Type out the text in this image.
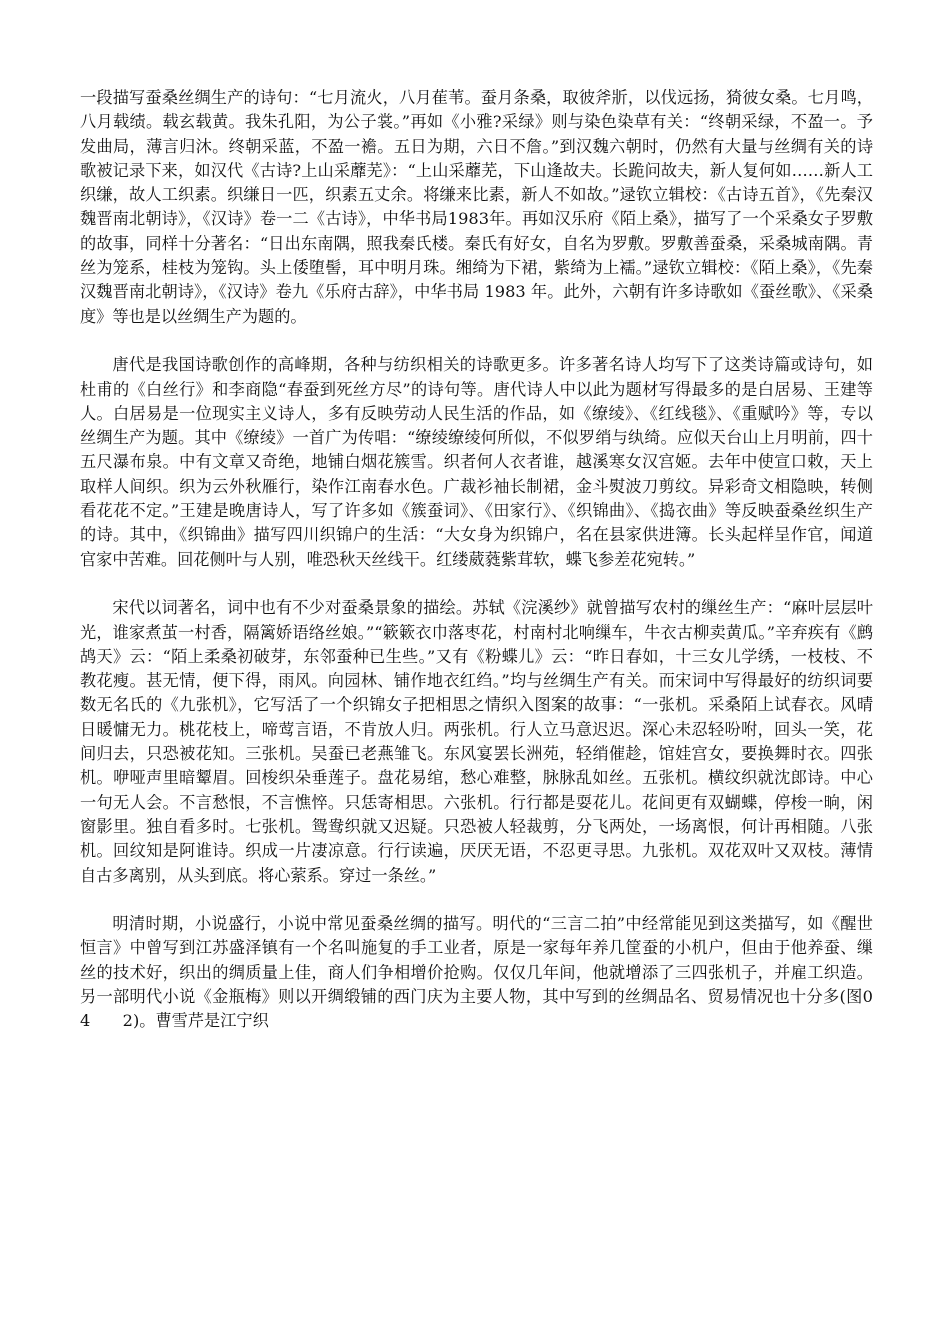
一段描写蚕桑丝绸生产的诗句：“七月流火，八月萑苇。蚕月条桑，取彼斧斨，以伐远扬，猗彼女桑。七月鸣，八月载绩。载玄载黄。我朱孔阳，为公子裳。”再如《小雅?采绿》则与染色染草有关：“终朝采绿，不盈一。予发曲局，薄言归沐。终朝采蓝，不盈一襜。五日为期，六日不詹。”到汉魏六朝时，仍然有大量与丝绸有关的诗歌被记录下来，如汉代《古诗?上山采蘼芜》：“上山采蘼芜，下山逢故夫。长跪问故夫，新人复何如……新人工织缣，故人工织素。织缣日一匹，织素五丈余。将缣来比素，新人不如故。”逯钦立辑校：《古诗五首》，《先秦汉魏晋南北朝诗》，《汉诗》卷一二《古诗》，中华书局1983年。再如汉乐府《陌上桑》，描写了一个采桑女子罗敷的故事，同样十分著名：“日出东南隅，照我秦氏楼。秦氏有好女，自名为罗敷。罗敷善蚕桑，采桑城南隅。青丝为笼系，桂枝为笼钩。头上倭堕髻，耳中明月珠。缃绮为下裙，紫绮为上襦。”逯钦立辑校：《陌上桑》，《先秦汉魏晋南北朝诗》，《汉诗》卷九《乐府古辞》，中华书局 1983 年。此外，六朝有许多诗歌如《蚕丝歌》、《采桑度》等也是以丝绸生产为题的。

唐代是我国诗歌创作的高峰期，各种与纺织相关的诗歌更多。许多著名诗人均写下了这类诗篇或诗句，如杜甫的《白丝行》和李商隐“春蚕到死丝方尽”的诗句等。唐代诗人中以此为题材写得最多的是白居易、王建等人。白居易是一位现实主义诗人，多有反映劳动人民生活的作品，如《缭绫》、《红线毯》、《重赋吟》等，专以丝绸生产为题。其中《缭绫》一首广为传唱：“缭绫缭绫何所似，不似罗绡与纨绮。应似天台山上月明前，四十五尺瀑布泉。中有文章又奇绝，地铺白烟花簇雪。织者何人衣者谁，越溪寒女汉宫姬。去年中使宣口敕，天上取样人间织。织为云外秋雁行，染作江南春水色。广裁衫袖长制裙，金斗熨波刀剪纹。异彩奇文相隐映，转侧看花花不定。”王建是晚唐诗人，写了许多如《簇蚕词》、《田家行》、《织锦曲》、《捣衣曲》等反映蚕桑丝织生产的诗。其中，《织锦曲》描写四川织锦户的生活：“大女身为织锦户，名在县家供进簿。长头起样呈作官，闻道官家中苦难。回花侧叶与人别，唯恐秋天丝线干。红缕葳蕤紫茸软，蝶飞参差花宛转。”

宋代以词著名，词中也有不少对蚕桑景象的描绘。苏轼《浣溪纱》就曾描写农村的缫丝生产：“麻叶层层叶光，谁家煮茧一村香，隔篱娇语络丝娘。”“簌簌衣巾落枣花，村南村北响缫车，牛衣古柳卖黄瓜。”辛弃疾有《鹧鸪天》云：“陌上柔桑初破芽，东邻蚕种已生些。”又有《粉蝶儿》云：“昨日春如，十三女儿学绣，一枝枝、不教花瘦。甚无情，便下得，雨风。向园林、铺作地衣红绉。”均与丝绸生产有关。而宋词中写得最好的纺织词要数无名氏的《九张机》，它写活了一个织锦女子把相思之情织入图案的故事：“一张机。采桑陌上试春衣。风晴日暖慵无力。桃花枝上，啼莺言语，不肯放人归。两张机。行人立马意迟迟。深心未忍轻吩咐，回头一笑，花间归去，只恐被花知。三张机。吴蚕已老燕雏飞。东风宴罢长洲苑，轻绡催趁，馆娃宫女，要换舞时衣。四张机。咿哑声里暗颦眉。回梭织朵垂莲子。盘花易绾，愁心难整，脉脉乱如丝。五张机。横纹织就沈郎诗。中心一句无人会。不言愁恨，不言憔悴。只恁寄相思。六张机。行行都是耍花儿。花间更有双蝴蝶，停梭一晌，闲窗影里。独自看多时。七张机。鸳鸯织就又迟疑。只恐被人轻裁剪，分飞两处，一场离恨，何计再相随。八张机。回纹知是阿谁诗。织成一片凄凉意。行行读遍，厌厌无语，不忍更寻思。九张机。双花双叶又双枝。薄情自古多离别，从头到底。将心萦系。穿过一条丝。”

明清时期，小说盛行，小说中常见蚕桑丝绸的描写。明代的“三言二拍”中经常能见到这类描写，如《醒世恒言》中曾写到江苏盛泽镇有一个名叫施复的手工业者，原是一家每年养几筐蚕的小机户，但由于他养蚕、缫丝的技术好，织出的绸质量上佳，商人们争相增价抢购。仅仅几年间，他就增添了三四张机子，并雇工织造。另一部明代小说《金瓶梅》则以开绸缎铺的西门庆为主要人物，其中写到的丝绸品名、贸易情况也十分多(图0　　4　　2)。曹雪芹是江宁织
